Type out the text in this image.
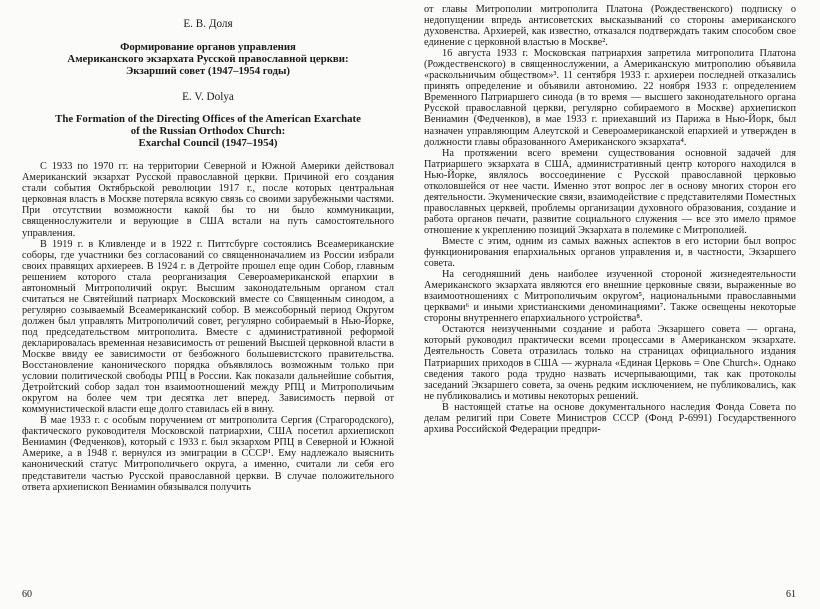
Е. В. Доля
Формирование органов управления
Американского экзархата Русской православной церкви:
Экзарший совет (1947–1954 годы)
E. V. Dolya
The Formation of the Directing Offices of the American Exarchate
of the Russian Orthodox Church:
Exarchal Council (1947–1954)

С 1933 по 1970 гг. на территории Северной и Южной Америки действовал Американский экзархат Русской православной церкви. Причиной его создания стали события Октябрьской революции 1917 г., после которых центральная церковная власть в Москве потеряла всякую связь со своими зарубежными частями. При отсутствии возможности какой бы то ни было коммуникации, священнослужители и верующие в США встали на путь самостоятельного управления.

В 1919 г. в Кливленде и в 1922 г. Питтсбурге состоялись Всеамериканские соборы, где участники без согласований со священноначалием из России избрали своих правящих архиереев. В 1924 г. в Детройте прошел еще один Собор, главным решением которого стала реорганизация Североамериканской епархии в автономный Митрополичий округ. Высшим законодательным органом стал считаться не Святейший патриарх Московский вместе со Священным синодом, а регулярно созываемый Всеамериканский собор. В межсоборный период Округом должен был управлять Митрополичий совет, регулярно собираемый в Нью-Йорке, под председательством митрополита. Вместе с административной реформой декларировалась временная независимость от решений Высшей церковной власти в Москве ввиду ее зависимости от безбожного большевистского правительства. Восстановление канонического порядка объявлялось возможным только при условии политической свободы РПЦ в России. Как показали дальнейшие события, Детройтский собор задал тон взаимоотношений между РПЦ и Митрополичьим округом на более чем три десятка лет вперед. Зависимость первой от коммунистической власти еще долго ставилась ей в вину.

В мае 1933 г. с особым поручением от митрополита Сергия (Страгородского), фактического руководителя Московской патриархии, США посетил архиепископ Вениамин (Федченков), который с 1933 г. был экзархом РПЦ в Северной и Южной Америке, а в 1948 г. вернулся из эмиграции в СССР¹. Ему надлежало выяснить каноничеcкий статус Митрополичьего округа, а именно, считали ли себя его представители частью Русской православной церкви. В случае положительного ответа архиепископ Вениамин обязывался получить

60

от главы Митрополии митрополита Платона (Рождественского) подписку о недопущении впредь антисоветских высказываний со стороны американского духовенства. Архиерей, как известно, отказался подтверждать таким способом свое единение с церковной властью в Москве².

16 августа 1933 г. Московская патриархия запретила митрополита Платона (Рождественского) в священнослужении, а Американскую митрополию объявила «раскольничьим обществом»³. 11 сентября 1933 г. архиереи последней отказались принять определение и объявили автономию. 22 ноября 1933 г. определением Временного Патриаршего синода (в то время — высшего законодательного органа Русской православной церкви, регулярно собираемого в Москве) архиепископ Вениамин (Федченков), в мае 1933 г. приехавший из Парижа в Нью-Йорк, был назначен управляющим Алеутской и Североамериканской епархией и утвержден в должности главы образованного Американского экзархата⁴.

На протяжении всего времени существования основной задачей для Патриаршего экзархата в США, административный центр которого находился в Нью-Йорке, являлось воссоединение с Русской православной церковью отколовшейся от нее части. Именно этот вопрос лег в основу многих сторон его деятельности. Экуменические связи, взаимодействие с представителями Поместных православных церквей, проблемы организации духовного образования, создание и работа органов печати, развитие социального служения — все это имело прямое отношение к укреплению позиций Экзархата в полемике с Митрополией.

Вместе с этим, одним из самых важных аспектов в его истории был вопрос функционирования епархиальных органов управления и, в частности, Экзаршего совета.

На сегодняшний день наиболее изученной стороной жизнедеятельности Американского экзархата являются его внешние церковные связи, выраженные во взаимоотношениях с Митрополичьим округом⁵, национальными православными церквами⁶ и иными христианскими деноминациями⁷. Также освещены некоторые стороны внутреннего епархиального устройства⁸.

Остаются неизученными создание и работа Экзаршего совета — органа, который руководил практически всеми процессами в Американском экзархате. Деятельность Совета отразилась только на страницах официального издания Патриарших приходов в США — журнала «Единая Церковь = One Church». Однако сведения такого рода трудно назвать исчерпывающими, так как протоколы заседаний Экзаршего совета, за очень редким исключением, не публиковались, как не публиковались и мотивы некоторых решений.

В настоящей статье на основе документального наследия Фонда Совета по делам религий при Совете Министров СССР (Фонд Р-6991) Государственного архива Российской Федерации предпри-

61
